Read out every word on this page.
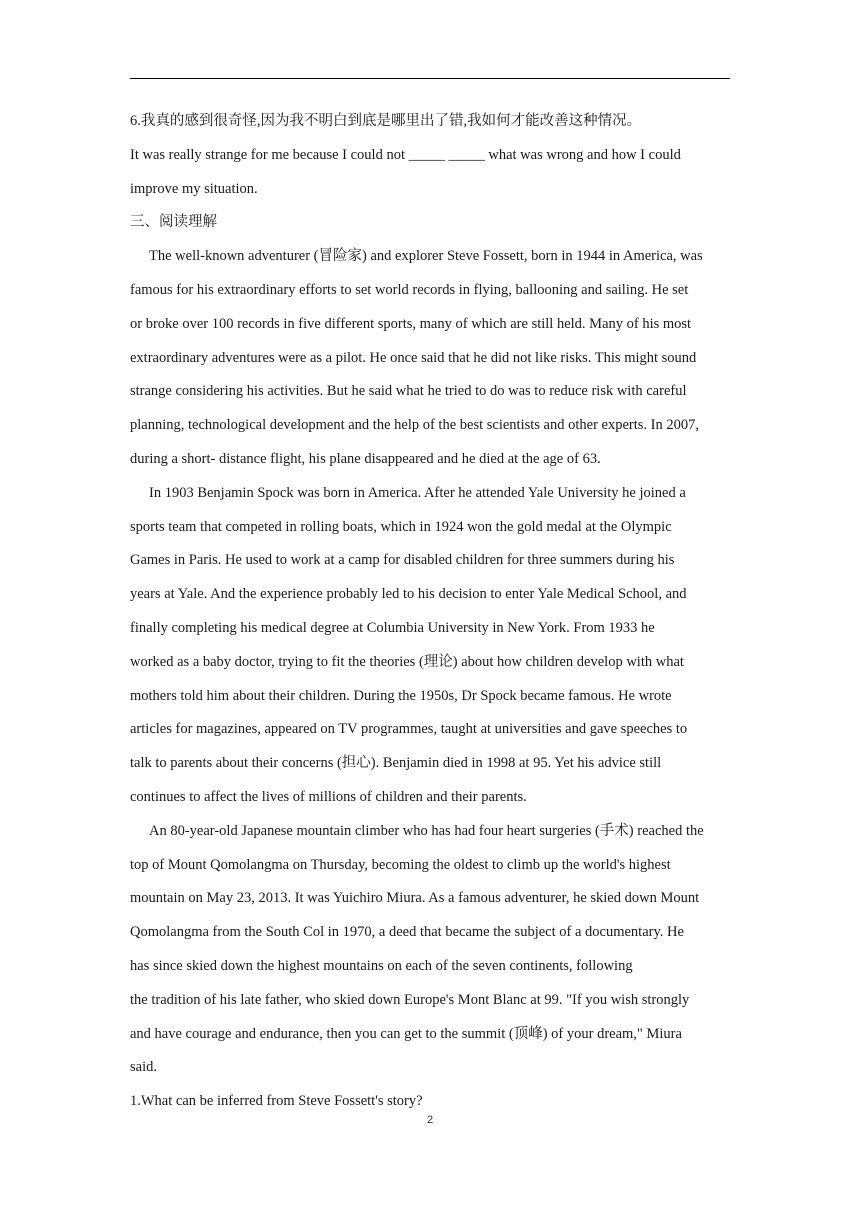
6.我真的感到很奇怪,因为我不明白到底是哪里出了错,我如何才能改善这种情况。
It was really strange for me because I could not _____ _____ what was wrong and how I could
improve my situation.
三、阅读理解
The well-known adventurer (冒险家) and explorer Steve Fossett, born in 1944 in America, was
famous for his extraordinary efforts to set world records in flying, ballooning and sailing. He set
or broke over 100 records in five different sports, many of which are still held. Many of his most
extraordinary adventures were as a pilot. He once said that he did not like risks. This might sound
strange considering his activities. But he said what he tried to do was to reduce risk with careful
planning, technological development and the help of the best scientists and other experts. In 2007,
during a short- distance flight, his plane disappeared and he died at the age of 63.
In 1903 Benjamin Spock was born in America. After he attended Yale University he joined a
sports team that competed in rolling boats, which in 1924 won the gold medal at the Olympic
Games in Paris. He used to work at a camp for disabled children for three summers during his
years at Yale. And the experience probably led to his decision to enter Yale Medical School, and
finally completing his medical degree at Columbia University in New York. From 1933 he
worked as a baby doctor, trying to fit the theories (理论) about how children develop with what
mothers told him about their children. During the 1950s, Dr Spock became famous. He wrote
articles for magazines, appeared on TV programmes, taught at universities and gave speeches to
talk to parents about their concerns (担心). Benjamin died in 1998 at 95. Yet his advice still
continues to affect the lives of millions of children and their parents.
An 80-year-old Japanese mountain climber who has had four heart surgeries (手术) reached the
top of Mount Qomolangma on Thursday, becoming the oldest to climb up the world's highest
mountain on May 23, 2013. It was Yuichiro Miura. As a famous adventurer, he skied down Mount
Qomolangma from the South Col in 1970, a deed that became the subject of a documentary. He
has since skied down the highest mountains on each of the seven continents, following
the tradition of his late father, who skied down Europe's Mont Blanc at 99. "If you wish strongly
and have courage and endurance, then you can get to the summit (顶峰) of your dream," Miura
said.
1.What can be inferred from Steve Fossett's story?
2
